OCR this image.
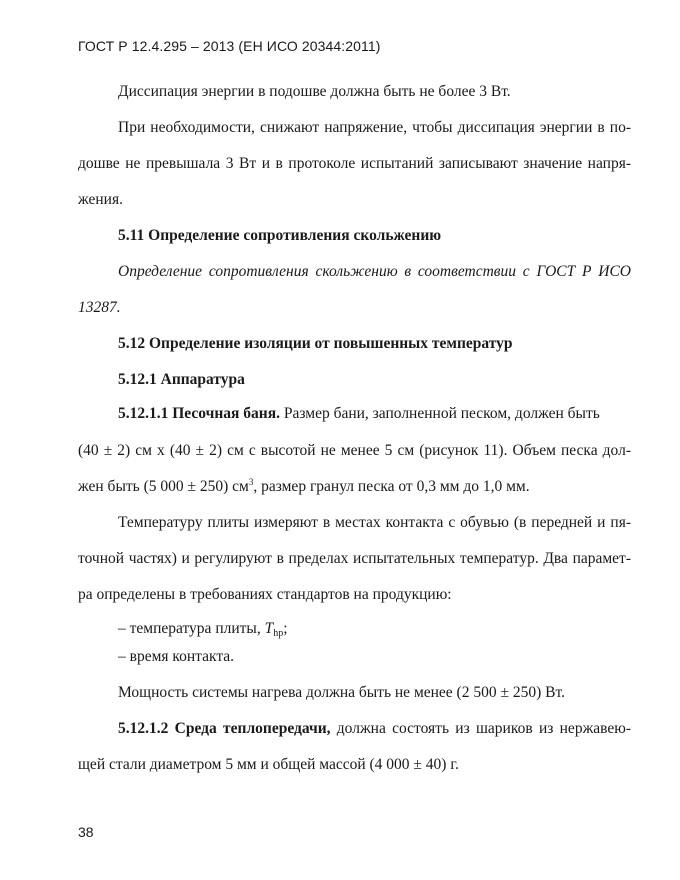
ГОСТ Р 12.4.295 – 2013 (ЕН ИСО 20344:2011)
Диссипация энергии в подошве должна быть не более 3 Вт.
При необходимости, снижают напряжение, чтобы диссипация энергии в по-
дошве не превышала 3 Вт и в протоколе испытаний записывают значение напря-
жения.
5.11 Определение сопротивления скольжению
Определение сопротивления скольжению в соответствии с ГОСТ Р ИСО
13287.
5.12 Определение изоляции от повышенных температур
5.12.1 Аппаратура
5.12.1.1 Песочная баня. Размер бани, заполненной песком, должен быть
(40 ± 2) см х (40 ± 2) см с высотой не менее 5 см (рисунок 11). Объем песка дол-
жен быть (5 000 ± 250) $см^3$, размер гранул песка от 0,3 мм до 1,0 мм.
Температуру плиты измеряют в местах контакта с обувью (в передней и пя-
точной частях) и регулируют в пределах испытательных температур. Два парамет-
ра определены в требованиях стандартов на продукцию:
– температура плиты, $T_{hp}$;
– время контакта.
Мощность системы нагрева должна быть не менее (2 500 ± 250) Вт.
5.12.1.2 Среда теплопередачи, должна состоять из шариков из нержавею-
щей стали диаметром 5 мм и общей массой (4 000 ± 40) г.
38
